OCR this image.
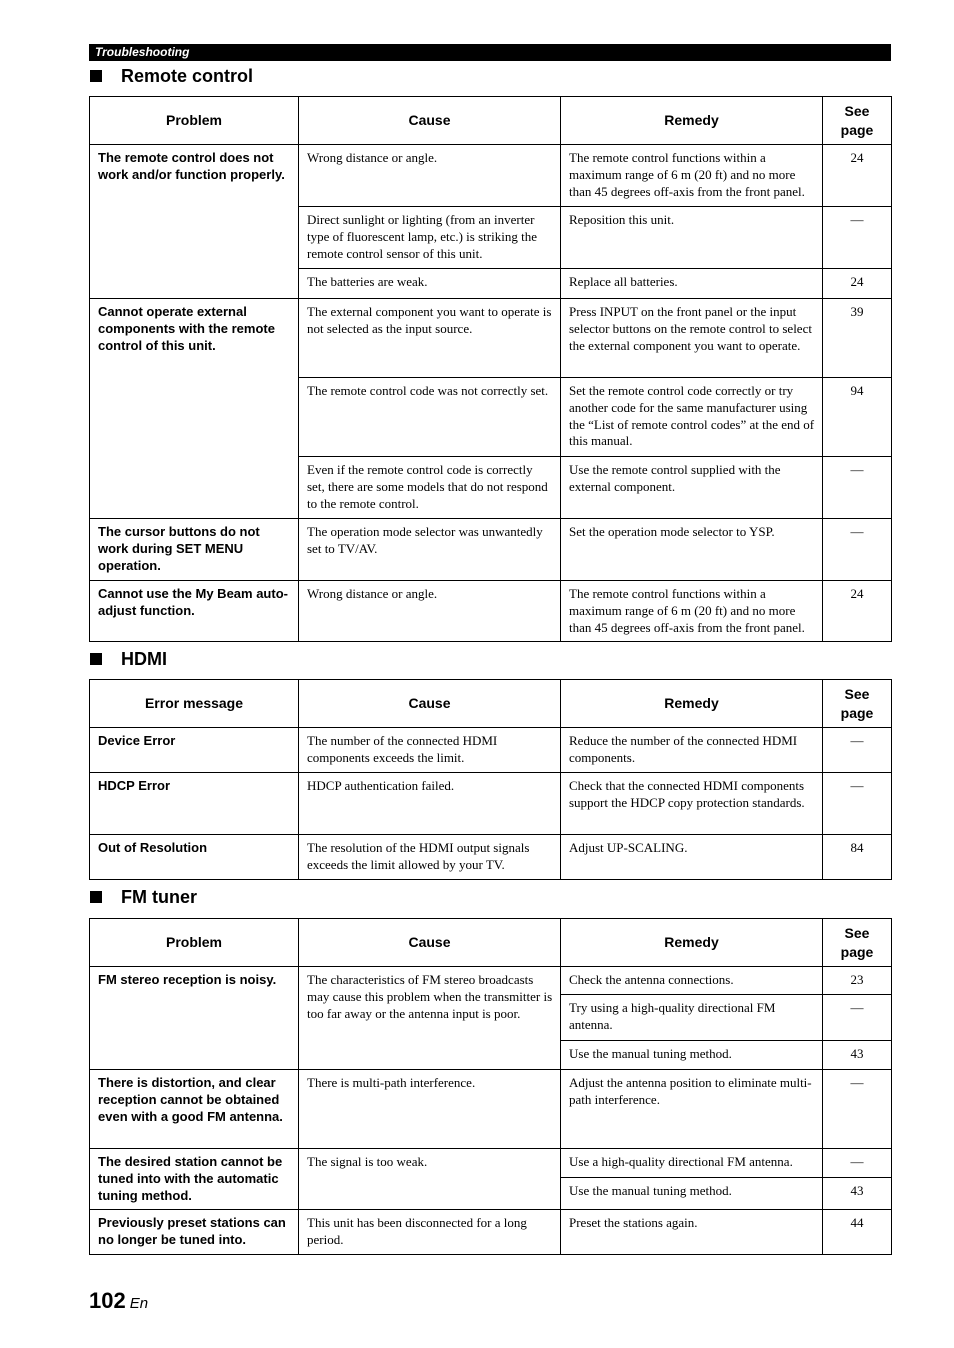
Troubleshooting
Remote control
Problem	Cause	Remedy	See page
The remote control does not work and/or function properly.	Wrong distance or angle.	The remote control functions within a maximum range of 6 m (20 ft) and no more than 45 degrees off-axis from the front panel.	24
	Direct sunlight or lighting (from an inverter type of fluorescent lamp, etc.) is striking the remote control sensor of this unit.	Reposition this unit.	—
	The batteries are weak.	Replace all batteries.	24
Cannot operate external components with the remote control of this unit.	The external component you want to operate is not selected as the input source.	Press INPUT on the front panel or the input selector buttons on the remote control to select the external component you want to operate.	39
	The remote control code was not correctly set.	Set the remote control code correctly or try another code for the same manufacturer using the “List of remote control codes” at the end of this manual.	94
	Even if the remote control code is correctly set, there are some models that do not respond to the remote control.	Use the remote control supplied with the external component.	—
The cursor buttons do not work during SET MENU operation.	The operation mode selector was unwantedly set to TV/AV.	Set the operation mode selector to YSP.	—
Cannot use the My Beam auto-adjust function.	Wrong distance or angle.	The remote control functions within a maximum range of 6 m (20 ft) and no more than 45 degrees off-axis from the front panel.	24
HDMI
Error message	Cause	Remedy	See page
Device Error	The number of the connected HDMI components exceeds the limit.	Reduce the number of the connected HDMI components.	—
HDCP Error	HDCP authentication failed.	Check that the connected HDMI components support the HDCP copy protection standards.	—
Out of Resolution	The resolution of the HDMI output signals exceeds the limit allowed by your TV.	Adjust UP-SCALING.	84
FM tuner
Problem	Cause	Remedy	See page
FM stereo reception is noisy.	The characteristics of FM stereo broadcasts may cause this problem when the transmitter is too far away or the antenna input is poor.	Check the antenna connections.	23
		Try using a high-quality directional FM antenna.	—
		Use the manual tuning method.	43
There is distortion, and clear reception cannot be obtained even with a good FM antenna.	There is multi-path interference.	Adjust the antenna position to eliminate multi-path interference.	—
The desired station cannot be tuned into with the automatic tuning method.	The signal is too weak.	Use a high-quality directional FM antenna.	—
		Use the manual tuning method.	43
Previously preset stations can no longer be tuned into.	This unit has been disconnected for a long period.	Preset the stations again.	44
102 En
